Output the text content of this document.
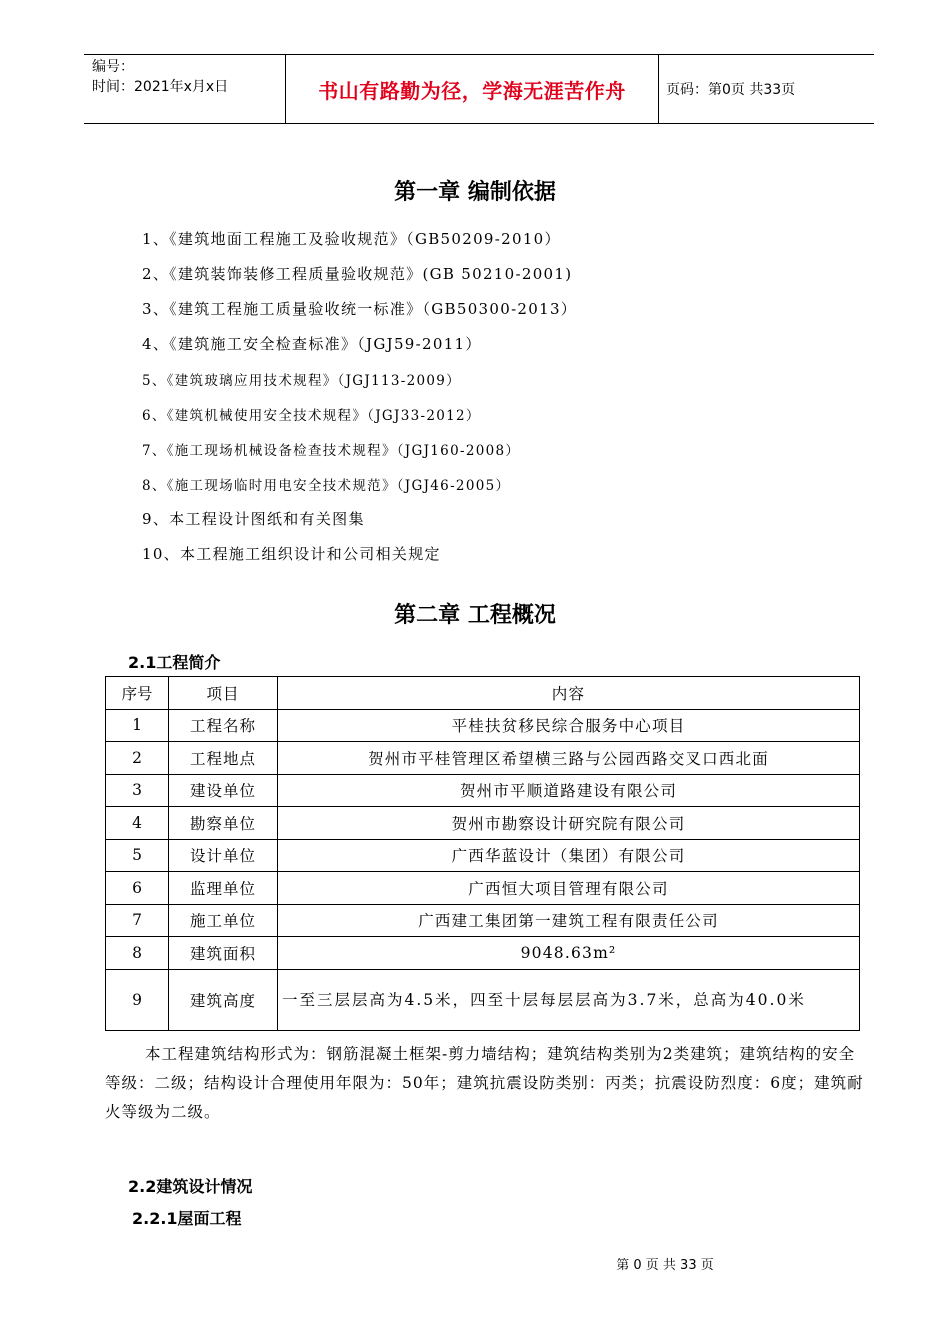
编号：
时间：2021年x月x日	书山有路勤为径，学海无涯苦作舟	页码：第0页 共33页
第一章 编制依据
1、《建筑地面工程施工及验收规范》（GB50209-2010）
2、《建筑装饰装修工程质量验收规范》(GB 50210-2001)
3、《建筑工程施工质量验收统一标准》（GB50300-2013）
4、《建筑施工安全检查标准》（JGJ59-2011）
5、《建筑玻璃应用技术规程》（JGJ113-2009）
6、《建筑机械使用安全技术规程》（JGJ33-2012）
7、《施工现场机械设备检查技术规程》（JGJ160-2008）
8、《施工现场临时用电安全技术规范》（JGJ46-2005）
9、本工程设计图纸和有关图集
10、本工程施工组织设计和公司相关规定
第二章 工程概况
2.1工程简介
序号	项目	内容
1	工程名称	平桂扶贫移民综合服务中心项目
2	工程地点	贺州市平桂管理区希望横三路与公园西路交叉口西北面
3	建设单位	贺州市平顺道路建设有限公司
4	勘察单位	贺州市勘察设计研究院有限公司
5	设计单位	广西华蓝设计（集团）有限公司
6	监理单位	广西恒大项目管理有限公司
7	施工单位	广西建工集团第一建筑工程有限责任公司
8	建筑面积	9048.63m²
9	建筑高度	一至三层层高为4.5米，四至十层每层层高为3.7米，总高为40.0米
本工程建筑结构形式为：钢筋混凝土框架-剪力墙结构；建筑结构类别为2类建筑；建筑结构的安全等级：二级；结构设计合理使用年限为：50年；建筑抗震设防类别：丙类；抗震设防烈度：6度；建筑耐火等级为二级。
2.2建筑设计情况
2.2.1屋面工程
第 0 页 共 33 页
